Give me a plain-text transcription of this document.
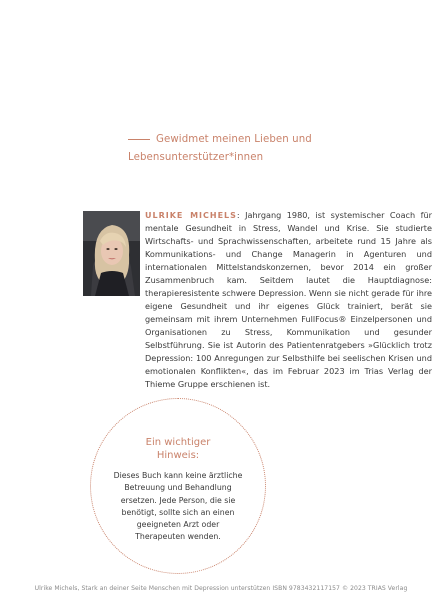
Gewidmet meinen Lieben und
Lebensunterstützer*innen
ULRIKE MICHELS: Jahrgang 1980, ist systemischer Coach für mentale Gesundheit in Stress, Wandel und Krise. Sie studierte Wirtschafts- und Sprachwissenschaften, arbeitete rund 15 Jahre als Kommunikations- und Change Managerin in Agenturen und internationalen Mittelstandskonzernen, bevor 2014 ein großer Zusammenbruch kam. Seitdem lautet die Hauptdiagnose: therapieresistente schwere Depression. Wenn sie nicht gerade für ihre eigene Gesundheit und ihr eigenes Glück trainiert, berät sie gemeinsam mit ihrem Unternehmen FullFocus® Einzelpersonen und Organisationen zu Stress, Kommunikation und gesunder Selbstführung. Sie ist Autorin des Patientenratgebers »Glücklich trotz Depression: 100 Anregungen zur Selbsthilfe bei seelischen Krisen und emotionalen Konflikten«, das im Februar 2023 im Trias Verlag der Thieme Gruppe erschienen ist.
Ein wichtiger
Hinweis:
Dieses Buch kann keine ärztliche Betreuung und Behandlung ersetzen. Jede Person, die sie benötigt, sollte sich an einen geeigneten Arzt oder Therapeuten wenden.
Ulrike Michels, Stark an deiner Seite Menschen mit Depression unterstützen ISBN 9783432117157 © 2023 TRIAS Verlag
